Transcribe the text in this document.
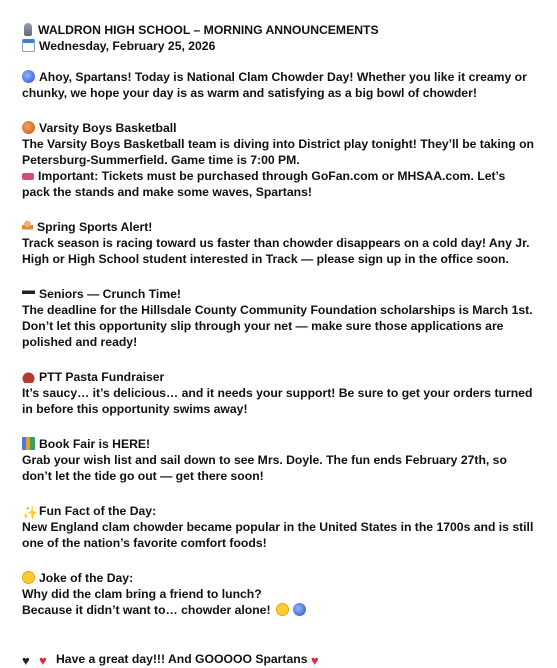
WALDRON HIGH SCHOOL – MORNING ANNOUNCEMENTS
Wednesday, February 25, 2026
Ahoy, Spartans! Today is National Clam Chowder Day! Whether you like it creamy or
chunky, we hope your day is as warm and satisfying as a big bowl of chowder!
Varsity Boys Basketball
The Varsity Boys Basketball team is diving into District play tonight! They’ll be taking on
Petersburg-Summerfield. Game time is 7:00 PM.
Important: Tickets must be purchased through GoFan.com or MHSAA.com. Let’s
pack the stands and make some waves, Spartans!
Spring Sports Alert!
Track season is racing toward us faster than chowder disappears on a cold day! Any Jr.
High or High School student interested in Track — please sign up in the office soon.
Seniors — Crunch Time!
The deadline for the Hillsdale County Community Foundation scholarships is March 1st.
Don’t let this opportunity slip through your net — make sure those applications are
polished and ready!
PTT Pasta Fundraiser
It’s saucy… it’s delicious… and it needs your support! Be sure to get your orders turned
in before this opportunity swims away!
Book Fair is HERE!
Grab your wish list and sail down to see Mrs. Doyle. The fun ends February 27th, so
don’t let the tide go out — get there soon!
✨Fun Fact of the Day:
New England clam chowder became popular in the United States in the 1700s and is still
one of the nation’s favorite comfort foods!
Joke of the Day:
Why did the clam bring a friend to lunch?
Because it didn’t want to… chowder alone!
♥ ♥ Have a great day!!! And GOOOOO Spartans ♥
